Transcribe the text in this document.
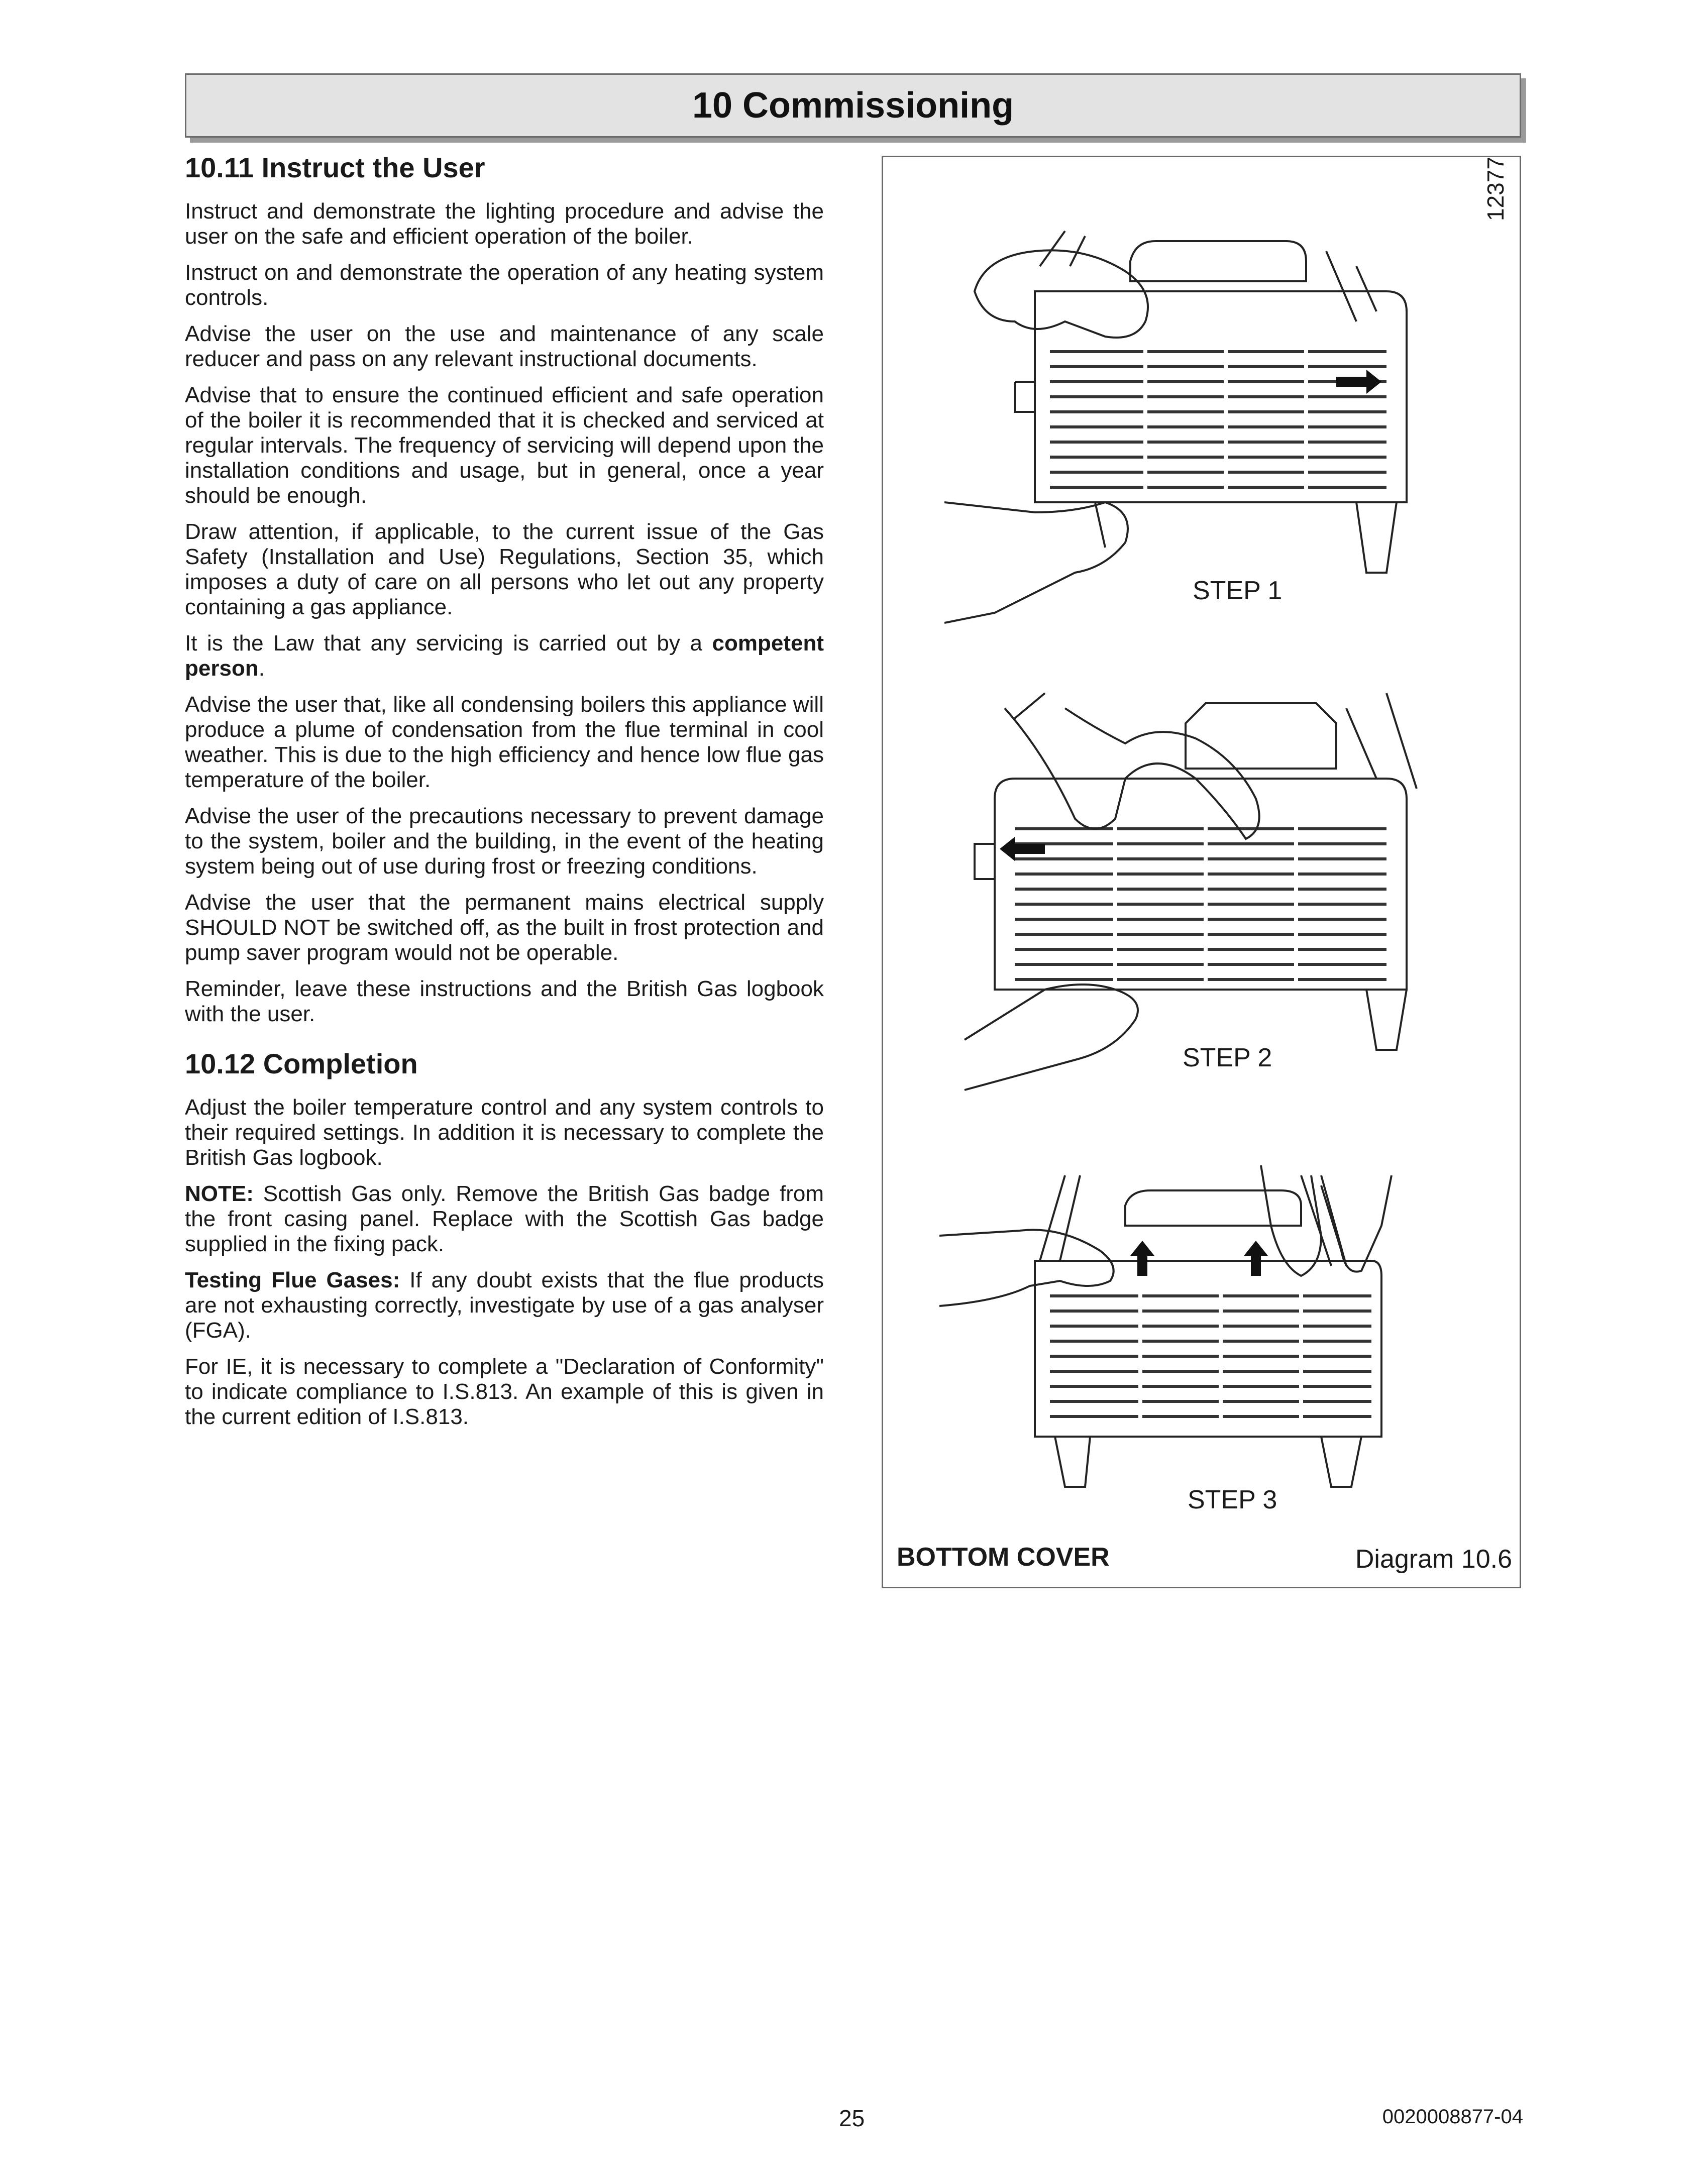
10 Commissioning
10.11 Instruct the User

Instruct and demonstrate the lighting procedure and advise the user on the safe and efficient operation of the boiler.

Instruct on and demonstrate the operation of any heating system controls.

Advise the user on the use and maintenance of any scale reducer and pass on any relevant instructional documents.

Advise that to ensure the continued efficient and safe operation of the boiler it is recommended that it is checked and serviced at regular intervals. The frequency of servicing will depend upon the installation conditions and usage, but in general, once a year should be enough.

Draw attention, if applicable, to the current issue of the Gas Safety (Installation and Use) Regulations, Section 35, which imposes a duty of care on all persons who let out any property containing a gas appliance.

It is the Law that any servicing is carried out by a competent person.

Advise the user that, like all condensing boilers this appliance will produce a plume of condensation from the flue terminal in cool weather. This is due to the high efficiency and hence low flue gas temperature of the boiler.

Advise the user of the precautions necessary to prevent damage to the system, boiler and the building, in the event of the heating system being out of use during frost or freezing conditions.

Advise the user that the permanent mains electrical supply SHOULD NOT be switched off, as the built in frost protection and pump saver program would not be operable.

Reminder, leave these instructions and the British Gas logbook with the user.

10.12 Completion

Adjust the boiler temperature control and any system controls to their required settings. In addition it is necessary to complete the British Gas logbook.

NOTE: Scottish Gas only. Remove the British Gas badge from the front casing panel. Replace with the Scottish Gas badge supplied in the fixing pack.

Testing Flue Gases: If any doubt exists that the flue products are not exhausting correctly, investigate by use of a gas analyser (FGA).

For IE, it is necessary to complete a "Declaration of Conformity" to indicate compliance to I.S.813. An example of this is given in the current edition of I.S.813.

12377
STEP 1
STEP 2
STEP 3
BOTTOM COVER	Diagram 10.6
25	0020008877-04
